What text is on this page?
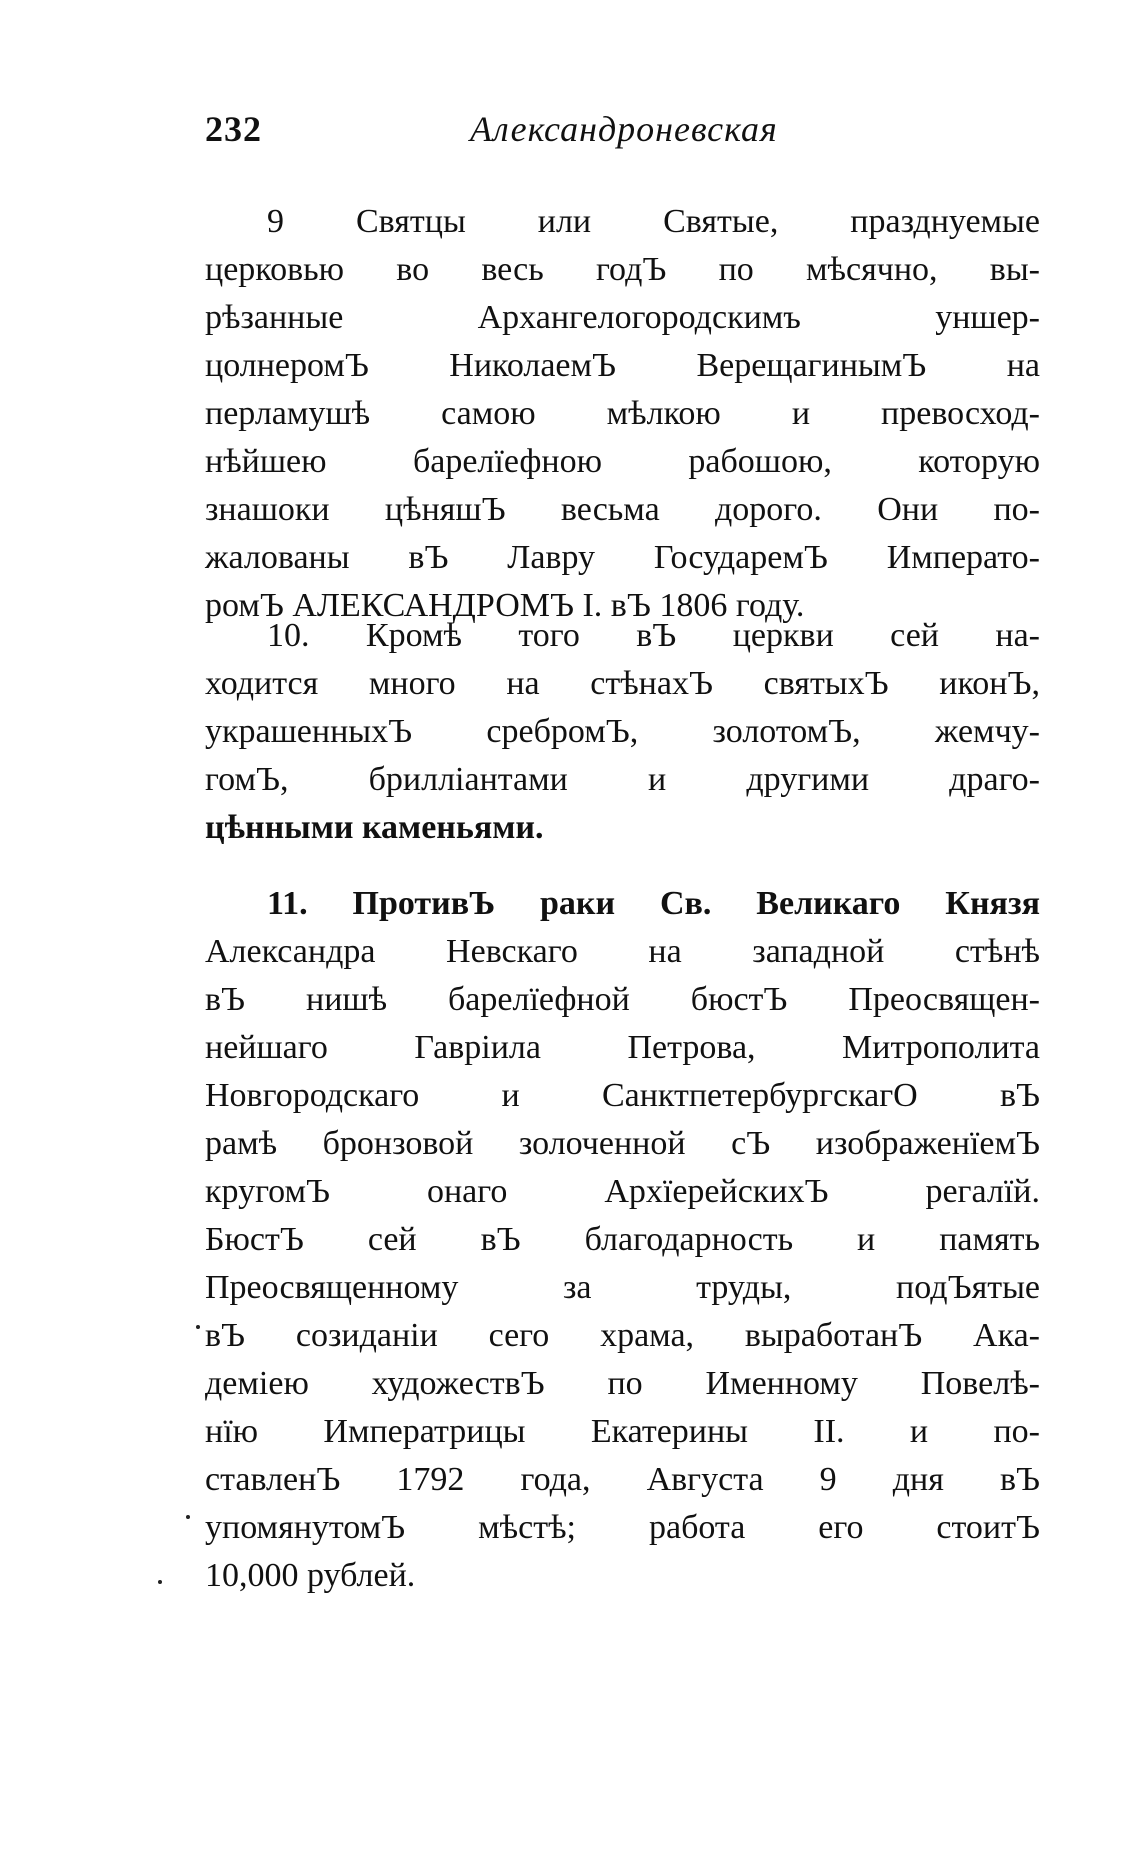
232	Александроневская
9 Святцы или Святые, празднуемые
церковью во весь годЪ по мѣсячно, вы-
рѣзанные Архангелогородскимъ уншер-
цолнеромЪ НиколаемЪ ВерещагинымЪ на
перламушѣ самою мѣлкою и превосход-
нѣйшею барелїефною рабошою, которую
знашоки цѣняшЪ весьма дорого. Они по-
жалованы вЪ Лавру ГосударемЪ Императо-
ромЪ АЛЕКСАНДРОМЪ I. вЪ 1806 году.
10. Кромѣ того вЪ церкви сей на-
ходится много на стѣнахЪ святыхЪ иконЪ,
украшенныхЪ сребромЪ, золотомЪ, жемчу-
гомЪ, брилліантами и другими драго-
цѣнными каменьями.
11. ПротивЪ раки Св. Великаго Князя
Александра Невскаго на западной стѣнѣ
вЪ нишѣ барелїефной бюстЪ Преосвящен-
нейшаго Гавріила Петрова, Митрополита
Новгородскаго и СанктпетербургскагО вЪ
рамѣ бронзовой золоченной сЪ изображенїемЪ
кругомЪ онаго АрхїерейскихЪ регалїй.
БюстЪ сей вЪ благодарность и память
Преосвященному за труды, подЪятые
вЪ созиданіи сего храма, выработанЪ Ака-
деміею художествЪ по Именному Повелѣ-
нїю Императрицы Екатерины II. и по-
ставленЪ 1792 года, Августа 9 дня вЪ
упомянутомЪ мѣстѣ; работа его стоитЪ
10,000 рублей.
